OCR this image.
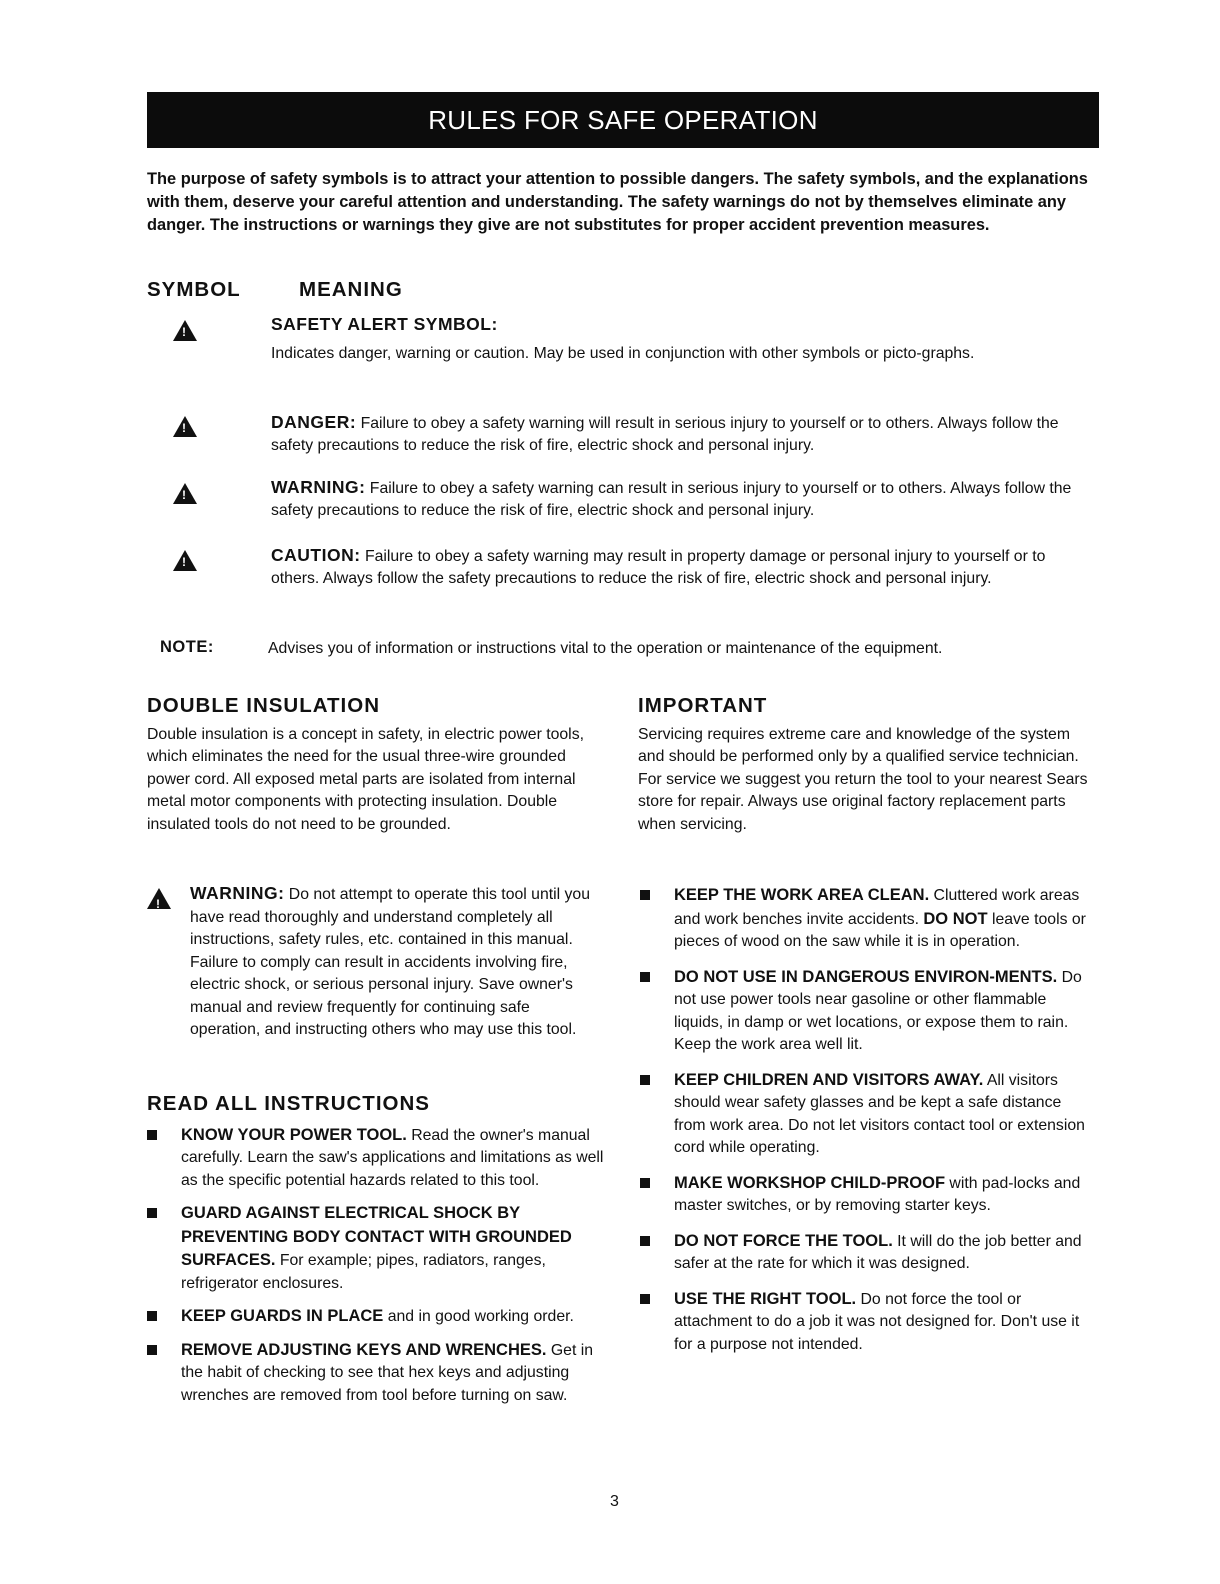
RULES FOR SAFE OPERATION
The purpose of safety symbols is to attract your attention to possible dangers. The safety symbols, and the explanations with them, deserve your careful attention and understanding. The safety warnings do not by themselves eliminate any danger. The instructions or warnings they give are not substitutes for proper accident prevention measures.
SYMBOL	MEANING
!
SAFETY ALERT SYMBOL:
Indicates danger, warning or caution. May be used in conjunction with other symbols or picto-graphs.
!
DANGER: Failure to obey a safety warning will result in serious injury to yourself or to others. Always follow the safety precautions to reduce the risk of fire, electric shock and personal injury.
!
WARNING: Failure to obey a safety warning can result in serious injury to yourself or to others. Always follow the safety precautions to reduce the risk of fire, electric shock and personal injury.
!
CAUTION: Failure to obey a safety warning may result in property damage or personal injury to yourself or to others. Always follow the safety precautions to reduce the risk of fire, electric shock and personal injury.
NOTE:	Advises you of information or instructions vital to the operation or maintenance of the equipment.
DOUBLE INSULATION
Double insulation is a concept in safety, in electric power tools, which eliminates the need for the usual three-wire grounded power cord. All exposed metal parts are isolated from internal metal motor components with protecting insulation. Double insulated tools do not need to be grounded.
!
WARNING: Do not attempt to operate this tool until you have read thoroughly and understand completely all instructions, safety rules, etc. contained in this manual. Failure to comply can result in accidents involving fire, electric shock, or serious personal injury. Save owner's manual and review frequently for continuing safe operation, and instructing others who may use this tool.
READ ALL INSTRUCTIONS
KNOW YOUR POWER TOOL. Read the owner's manual carefully. Learn the saw's applications and limitations as well as the specific potential hazards related to this tool.
GUARD AGAINST ELECTRICAL SHOCK BY PREVENTING BODY CONTACT WITH GROUNDED SURFACES. For example; pipes, radiators, ranges, refrigerator enclosures.
KEEP GUARDS IN PLACE and in good working order.
REMOVE ADJUSTING KEYS AND WRENCHES. Get in the habit of checking to see that hex keys and adjusting wrenches are removed from tool before turning on saw.
IMPORTANT
Servicing requires extreme care and knowledge of the system and should be performed only by a qualified service technician. For service we suggest you return the tool to your nearest Sears store for repair. Always use original factory replacement parts when servicing.
KEEP THE WORK AREA CLEAN. Cluttered work areas and work benches invite accidents. DO NOT leave tools or pieces of wood on the saw while it is in operation.
DO NOT USE IN DANGEROUS ENVIRON-MENTS. Do not use power tools near gasoline or other flammable liquids, in damp or wet locations, or expose them to rain. Keep the work area well lit.
KEEP CHILDREN AND VISITORS AWAY. All visitors should wear safety glasses and be kept a safe distance from work area. Do not let visitors contact tool or extension cord while operating.
MAKE WORKSHOP CHILD-PROOF with pad-locks and master switches, or by removing starter keys.
DO NOT FORCE THE TOOL. It will do the job better and safer at the rate for which it was designed.
USE THE RIGHT TOOL. Do not force the tool or attachment to do a job it was not designed for. Don't use it for a purpose not intended.
3
